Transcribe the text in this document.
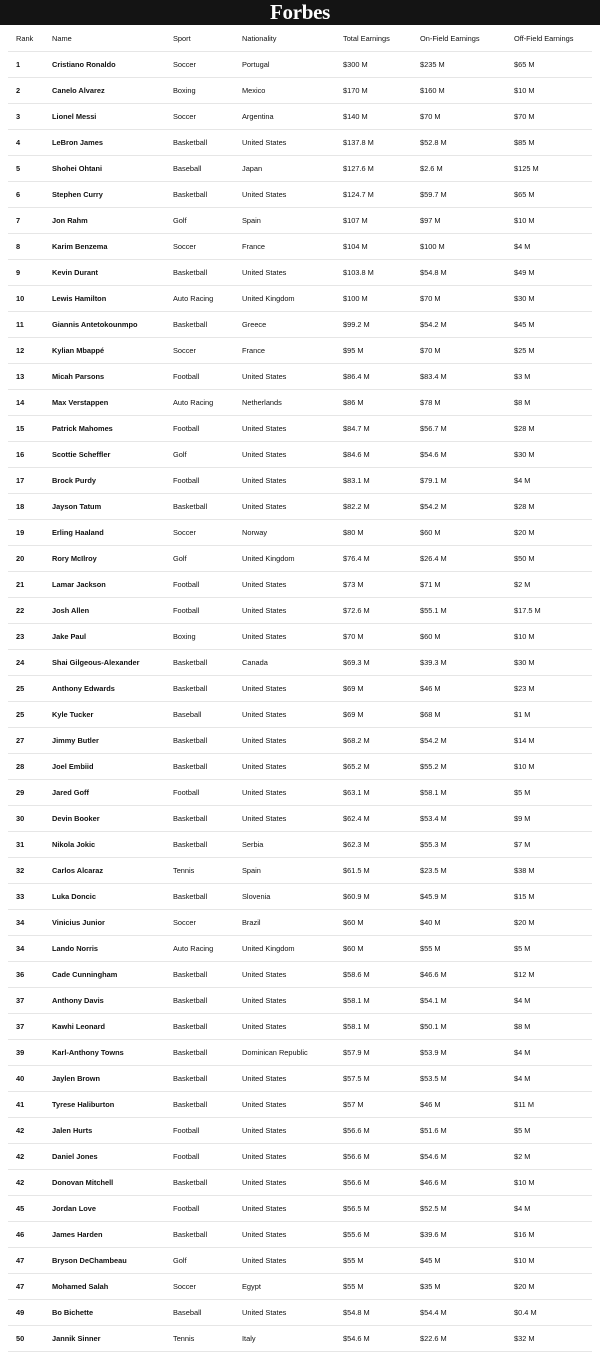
Forbes
Rank	Name	Sport	Nationality	Total Earnings	On-Field Earnings	Off-Field Earnings
1	Cristiano Ronaldo	Soccer	Portugal	$300 M	$235 M	$65 M
2	Canelo Alvarez	Boxing	Mexico	$170 M	$160 M	$10 M
3	Lionel Messi	Soccer	Argentina	$140 M	$70 M	$70 M
4	LeBron James	Basketball	United States	$137.8 M	$52.8 M	$85 M
5	Shohei Ohtani	Baseball	Japan	$127.6 M	$2.6 M	$125 M
6	Stephen Curry	Basketball	United States	$124.7 M	$59.7 M	$65 M
7	Jon Rahm	Golf	Spain	$107 M	$97 M	$10 M
8	Karim Benzema	Soccer	France	$104 M	$100 M	$4 M
9	Kevin Durant	Basketball	United States	$103.8 M	$54.8 M	$49 M
10	Lewis Hamilton	Auto Racing	United Kingdom	$100 M	$70 M	$30 M
11	Giannis Antetokounmpo	Basketball	Greece	$99.2 M	$54.2 M	$45 M
12	Kylian Mbappé	Soccer	France	$95 M	$70 M	$25 M
13	Micah Parsons	Football	United States	$86.4 M	$83.4 M	$3 M
14	Max Verstappen	Auto Racing	Netherlands	$86 M	$78 M	$8 M
15	Patrick Mahomes	Football	United States	$84.7 M	$56.7 M	$28 M
16	Scottie Scheffler	Golf	United States	$84.6 M	$54.6 M	$30 M
17	Brock Purdy	Football	United States	$83.1 M	$79.1 M	$4 M
18	Jayson Tatum	Basketball	United States	$82.2 M	$54.2 M	$28 M
19	Erling Haaland	Soccer	Norway	$80 M	$60 M	$20 M
20	Rory McIlroy	Golf	United Kingdom	$76.4 M	$26.4 M	$50 M
21	Lamar Jackson	Football	United States	$73 M	$71 M	$2 M
22	Josh Allen	Football	United States	$72.6 M	$55.1 M	$17.5 M
23	Jake Paul	Boxing	United States	$70 M	$60 M	$10 M
24	Shai Gilgeous-Alexander	Basketball	Canada	$69.3 M	$39.3 M	$30 M
25	Anthony Edwards	Basketball	United States	$69 M	$46 M	$23 M
25	Kyle Tucker	Baseball	United States	$69 M	$68 M	$1 M
27	Jimmy Butler	Basketball	United States	$68.2 M	$54.2 M	$14 M
28	Joel Embiid	Basketball	United States	$65.2 M	$55.2 M	$10 M
29	Jared Goff	Football	United States	$63.1 M	$58.1 M	$5 M
30	Devin Booker	Basketball	United States	$62.4 M	$53.4 M	$9 M
31	Nikola Jokic	Basketball	Serbia	$62.3 M	$55.3 M	$7 M
32	Carlos Alcaraz	Tennis	Spain	$61.5 M	$23.5 M	$38 M
33	Luka Doncic	Basketball	Slovenia	$60.9 M	$45.9 M	$15 M
34	Vinicius Junior	Soccer	Brazil	$60 M	$40 M	$20 M
34	Lando Norris	Auto Racing	United Kingdom	$60 M	$55 M	$5 M
36	Cade Cunningham	Basketball	United States	$58.6 M	$46.6 M	$12 M
37	Anthony Davis	Basketball	United States	$58.1 M	$54.1 M	$4 M
37	Kawhi Leonard	Basketball	United States	$58.1 M	$50.1 M	$8 M
39	Karl-Anthony Towns	Basketball	Dominican Republic	$57.9 M	$53.9 M	$4 M
40	Jaylen Brown	Basketball	United States	$57.5 M	$53.5 M	$4 M
41	Tyrese Haliburton	Basketball	United States	$57 M	$46 M	$11 M
42	Jalen Hurts	Football	United States	$56.6 M	$51.6 M	$5 M
42	Daniel Jones	Football	United States	$56.6 M	$54.6 M	$2 M
42	Donovan Mitchell	Basketball	United States	$56.6 M	$46.6 M	$10 M
45	Jordan Love	Football	United States	$56.5 M	$52.5 M	$4 M
46	James Harden	Basketball	United States	$55.6 M	$39.6 M	$16 M
47	Bryson DeChambeau	Golf	United States	$55 M	$45 M	$10 M
47	Mohamed Salah	Soccer	Egypt	$55 M	$35 M	$20 M
49	Bo Bichette	Baseball	United States	$54.8 M	$54.4 M	$0.4 M
50	Jannik Sinner	Tennis	Italy	$54.6 M	$22.6 M	$32 M
